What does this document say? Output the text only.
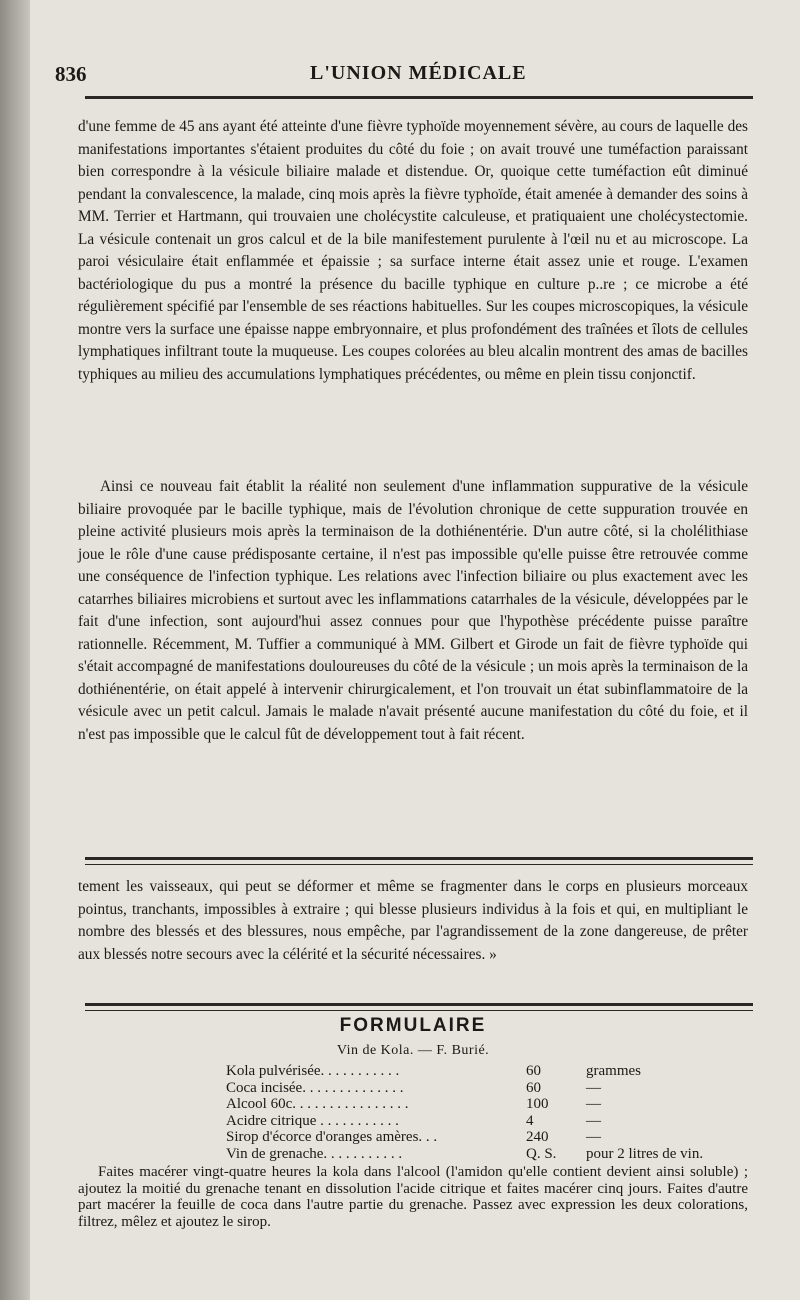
836	L'UNION MÉDICALE

d'une femme de 45 ans ayant été atteinte d'une fièvre typhoïde moyennement sévère, au cours de laquelle des manifestations importantes s'étaient produites du côté du foie ; on avait trouvé une tuméfaction paraissant bien correspondre à la vésicule biliaire malade et distendue. Or, quoique cette tuméfaction eût diminué pendant la convalescence, la malade, cinq mois après la fièvre typhoïde, était amenée à demander des soins à MM. Terrier et Hartmann, qui trouvaien une cholécystite calculeuse, et pratiquaient une cholécystectomie. La vésicule contenait un gros calcul et de la bile manifestement purulente à l'œil nu et au microscope. La paroi vésiculaire était enflammée et épaissie ; sa surface interne était assez unie et rouge. L'examen bactériologique du pus a montré la présence du bacille typhique en culture p..re ; ce microbe a été régulièrement spécifié par l'ensemble de ses réactions habituelles. Sur les coupes microscopiques, la vésicule montre vers la surface une épaisse nappe embryonnaire, et plus profondément des traînées et îlots de cellules lymphatiques infiltrant toute la muqueuse. Les coupes colorées au bleu alcalin montrent des amas de bacilles typhiques au milieu des accumulations lymphatiques précédentes, ou même en plein tissu conjonctif.

Ainsi ce nouveau fait établit la réalité non seulement d'une inflammation suppurative de la vésicule biliaire provoquée par le bacille typhique, mais de l'évolution chronique de cette suppuration trouvée en pleine activité plusieurs mois après la terminaison de la dothiénentérie. D'un autre côté, si la cholélithiase joue le rôle d'une cause prédisposante certaine, il n'est pas impossible qu'elle puisse être retrouvée comme une conséquence de l'infection typhique. Les relations avec l'infection biliaire ou plus exactement avec les catarrhes biliaires microbiens et surtout avec les inflammations catarrhales de la vésicule, développées par le fait d'une infection, sont aujourd'hui assez connues pour que l'hypothèse précédente puisse paraître rationnelle. Récemment, M. Tuffier a communiqué à MM. Gilbert et Girode un fait de fièvre typhoïde qui s'était accompagné de manifestations douloureuses du côté de la vésicule ; un mois après la terminaison de la dothiénentérie, on était appelé à intervenir chirurgicalement, et l'on trouvait un état subinflammatoire de la vésicule avec un petit calcul. Jamais le malade n'avait présenté aucune manifestation du côté du foie, et il n'est pas impossible que le calcul fût de développement tout à fait récent.

tement les vaisseaux, qui peut se déformer et même se fragmenter dans le corps en plusieurs morceaux pointus, tranchants, impossibles à extraire ; qui blesse plusieurs individus à la fois et qui, en multipliant le nombre des blessés et des blessures, nous empêche, par l'agrandissement de la zone dangereuse, de prêter aux blessés notre secours avec la célérité et la sécurité nécessaires. »

FORMULAIRE

Vin de Kola. — F. Burié.

Kola pulvérisée. . . . . . . . . . .	60	grammes
Coca incisée. . . . . . . . . . . . . .	60	—
Alcool 60c. . . . . . . . . . . . . . . .	100	—
Acidre citrique . . . . . . . . . . .	4	—
Sirop d'écorce d'oranges amères. . .	240	—
Vin de grenache. . . . . . . . . . .	Q. S.	pour 2 litres de vin.

Faites macérer vingt-quatre heures la kola dans l'alcool (l'amidon qu'elle contient devient ainsi soluble) ; ajoutez la moitié du grenache tenant en dissolution l'acide citrique et faites macérer cinq jours. Faites d'autre part macérer la feuille de coca dans l'autre partie du grenache. Passez avec expression les deux colorations, filtrez, mêlez et ajoutez le sirop.
